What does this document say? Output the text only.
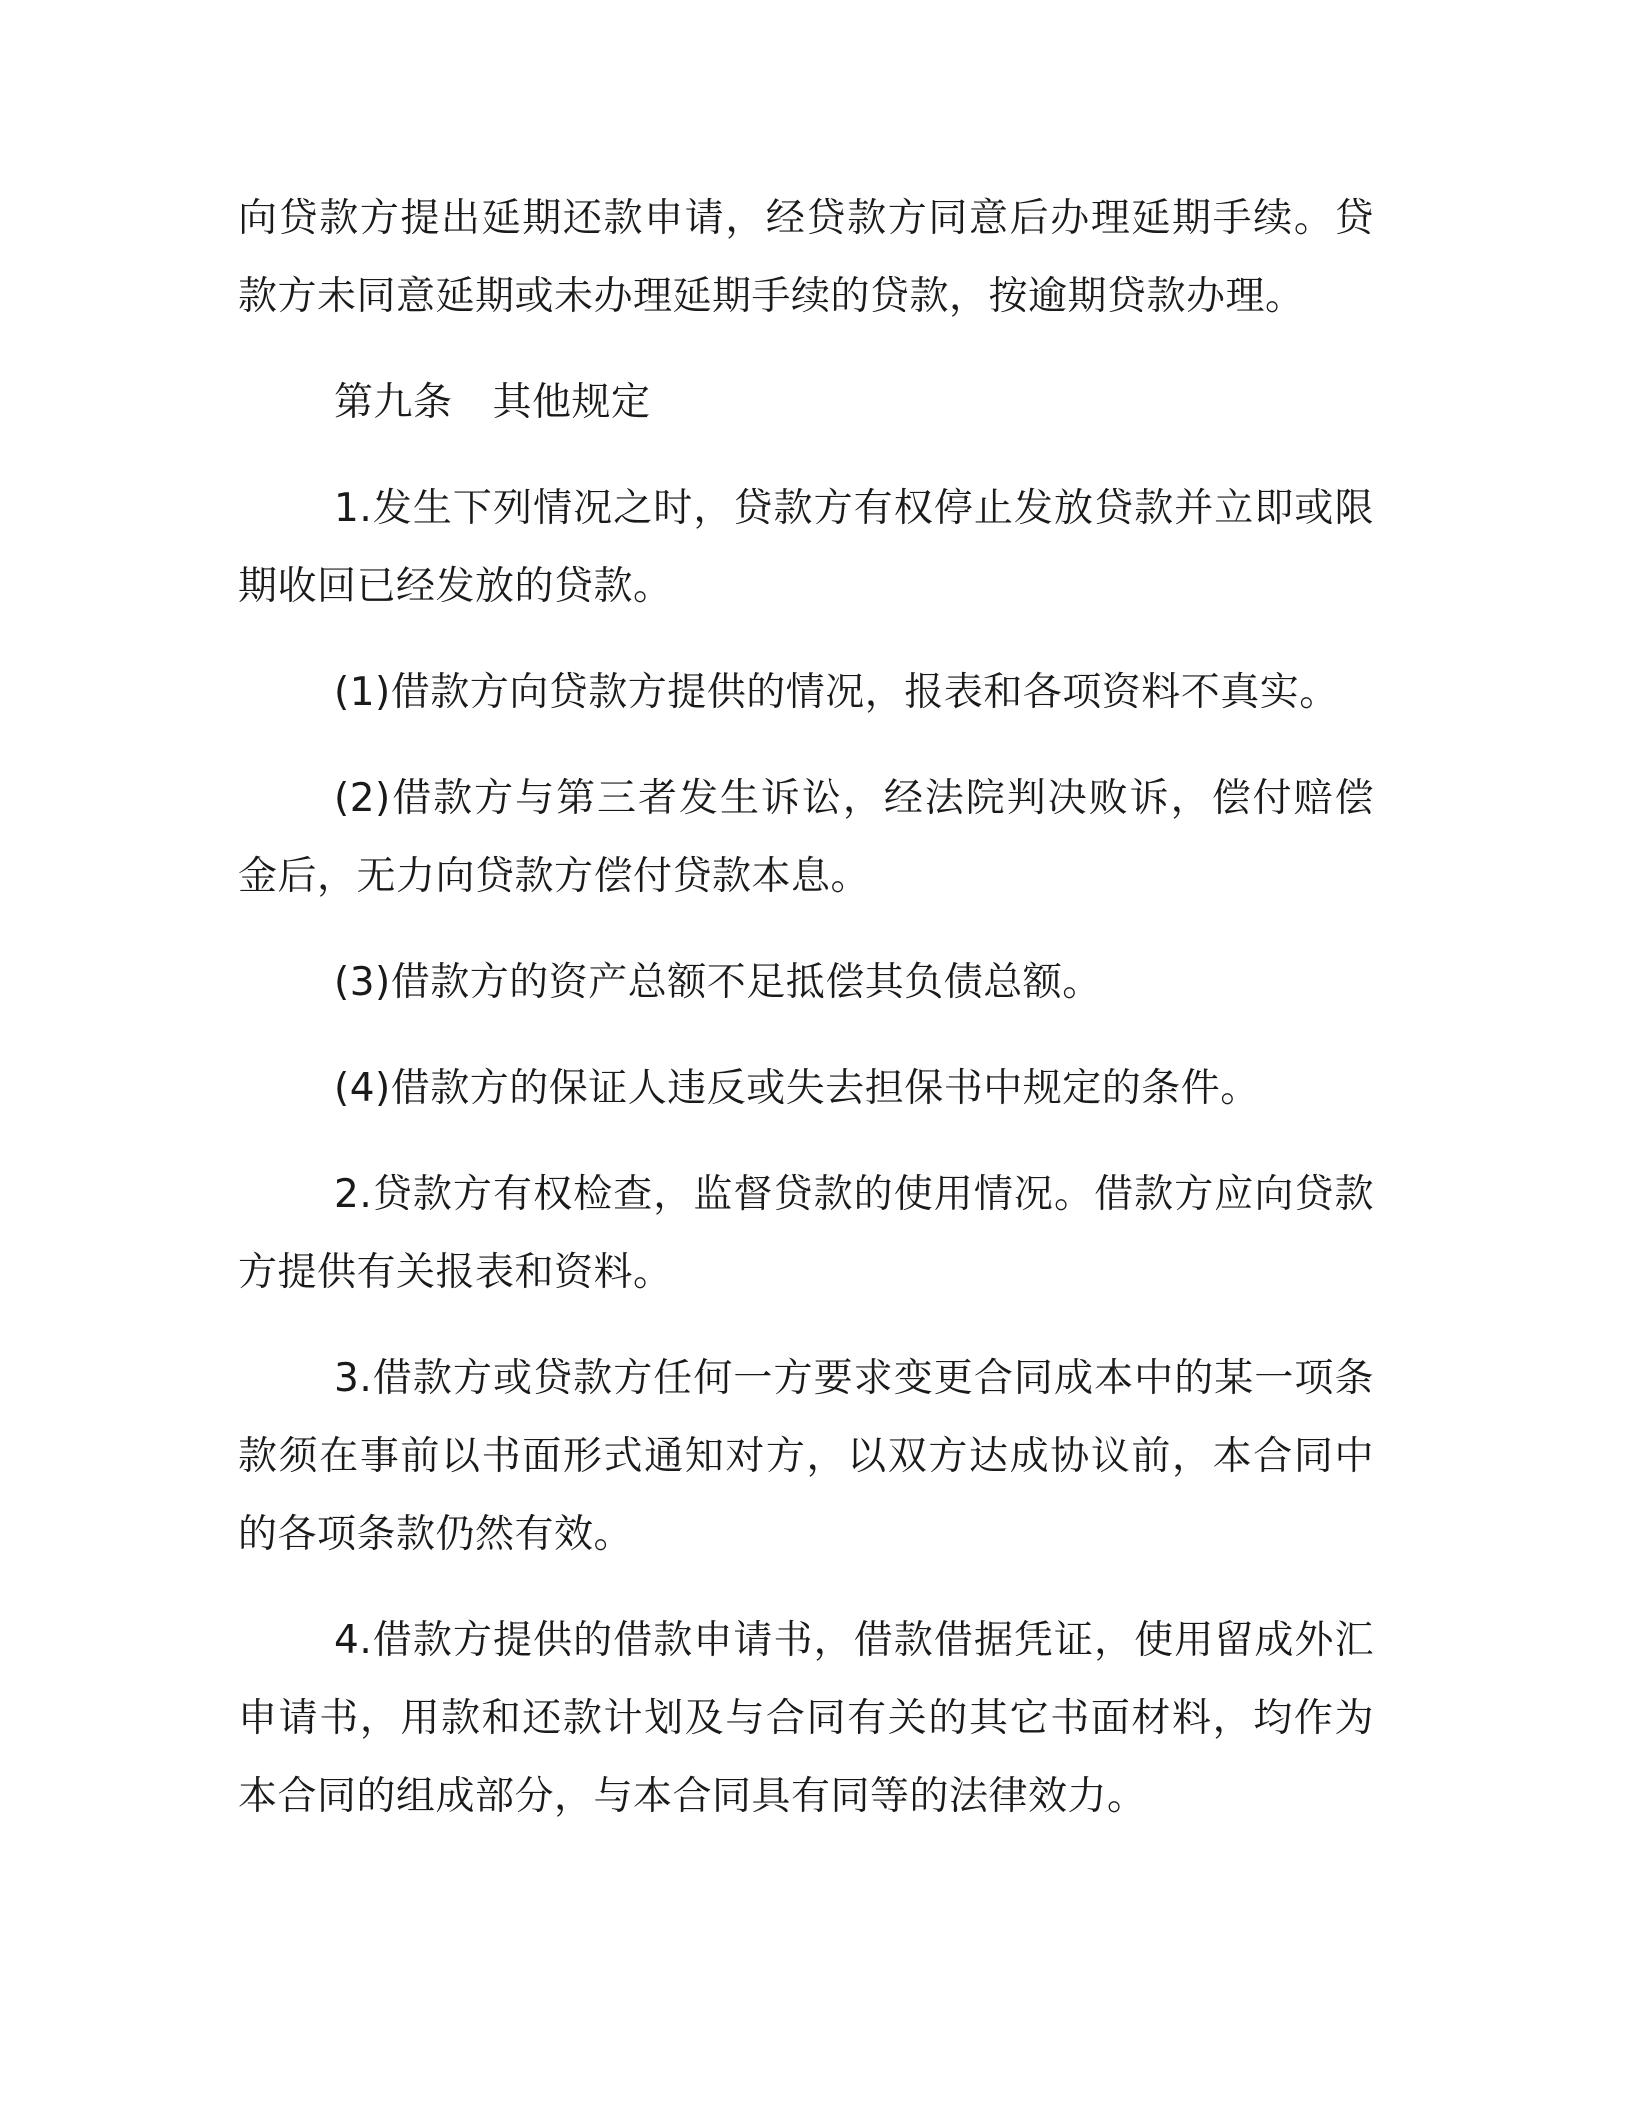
向贷款方提出延期还款申请，经贷款方同意后办理延期手续。贷款方未同意延期或未办理延期手续的贷款，按逾期贷款办理。

第九条 其他规定

1.发生下列情况之时，贷款方有权停止发放贷款并立即或限期收回已经发放的贷款。

(1)借款方向贷款方提供的情况，报表和各项资料不真实。

(2)借款方与第三者发生诉讼，经法院判决败诉，偿付赔偿金后，无力向贷款方偿付贷款本息。

(3)借款方的资产总额不足抵偿其负债总额。

(4)借款方的保证人违反或失去担保书中规定的条件。

2.贷款方有权检查，监督贷款的使用情况。借款方应向贷款方提供有关报表和资料。

3.借款方或贷款方任何一方要求变更合同成本中的某一项条款须在事前以书面形式通知对方，以双方达成协议前，本合同中的各项条款仍然有效。

4.借款方提供的借款申请书，借款借据凭证，使用留成外汇申请书，用款和还款计划及与合同有关的其它书面材料，均作为本合同的组成部分，与本合同具有同等的法律效力。
